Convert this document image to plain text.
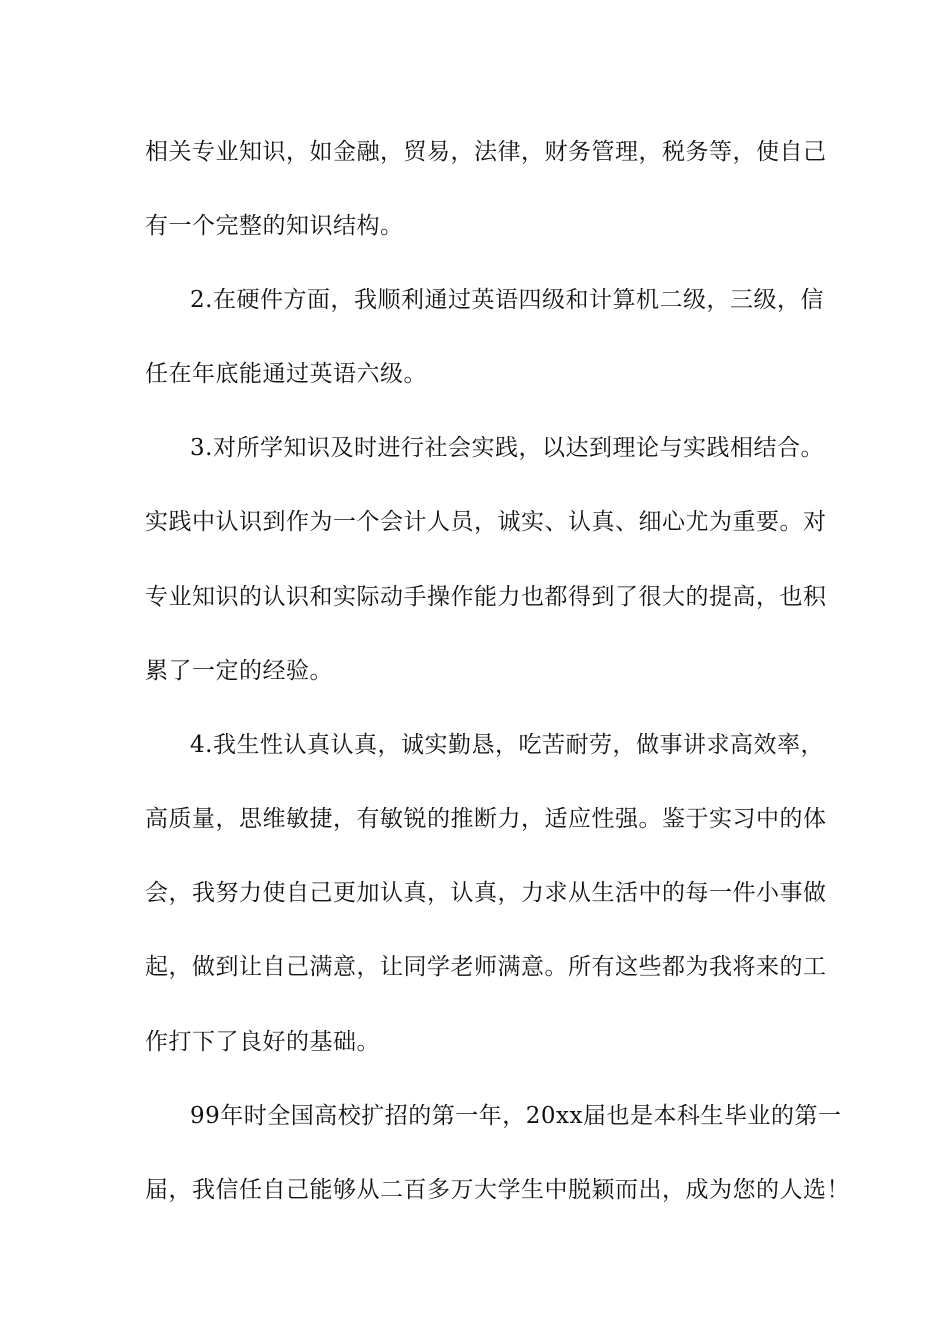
相关专业知识，如金融，贸易，法律，财务管理，税务等，使自己
有一个完整的知识结构。
2.在硬件方面，我顺利通过英语四级和计算机二级，三级，信
任在年底能通过英语六级。
3.对所学知识及时进行社会实践，以达到理论与实践相结合。
实践中认识到作为一个会计人员，诚实、认真、细心尤为重要。对
专业知识的认识和实际动手操作能力也都得到了很大的提高，也积
累了一定的经验。
4.我生性认真认真，诚实勤恳，吃苦耐劳，做事讲求高效率，
高质量，思维敏捷，有敏锐的推断力，适应性强。鉴于实习中的体
会，我努力使自己更加认真，认真，力求从生活中的每一件小事做
起，做到让自己满意，让同学老师满意。所有这些都为我将来的工
作打下了良好的基础。
99年时全国高校扩招的第一年，20xx届也是本科生毕业的第一
届，我信任自己能够从二百多万大学生中脱颖而出，成为您的人选！
